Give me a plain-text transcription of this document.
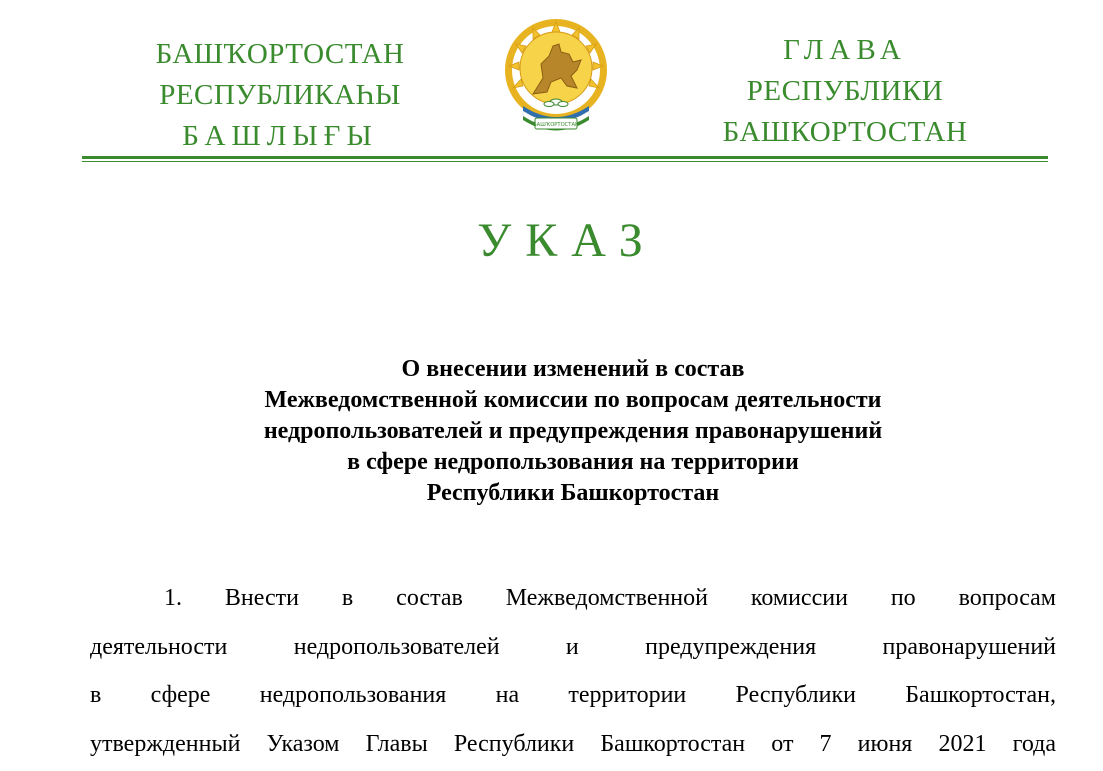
БАШҠОРТОСТАН
РЕСПУБЛИКАҺЫ
БАШЛЫҒЫ	БАШҠОРТОСТАН
ГЛАВА
РЕСПУБЛИКИ
БАШКОРТОСТАН
УКАЗ
О внесении изменений в состав
Межведомственной комиссии по вопросам деятельности
недропользователей и предупреждения правонарушений
в сфере недропользования на территории
Республики Башкортостан
1. Внести в состав Межведомственной комиссии по вопросам
деятельности недропользователей и предупреждения правонарушений
в сфере недропользования на территории Республики Башкортостан,
утвержденный Указом Главы Республики Башкортостан от 7 июня 2021 года
